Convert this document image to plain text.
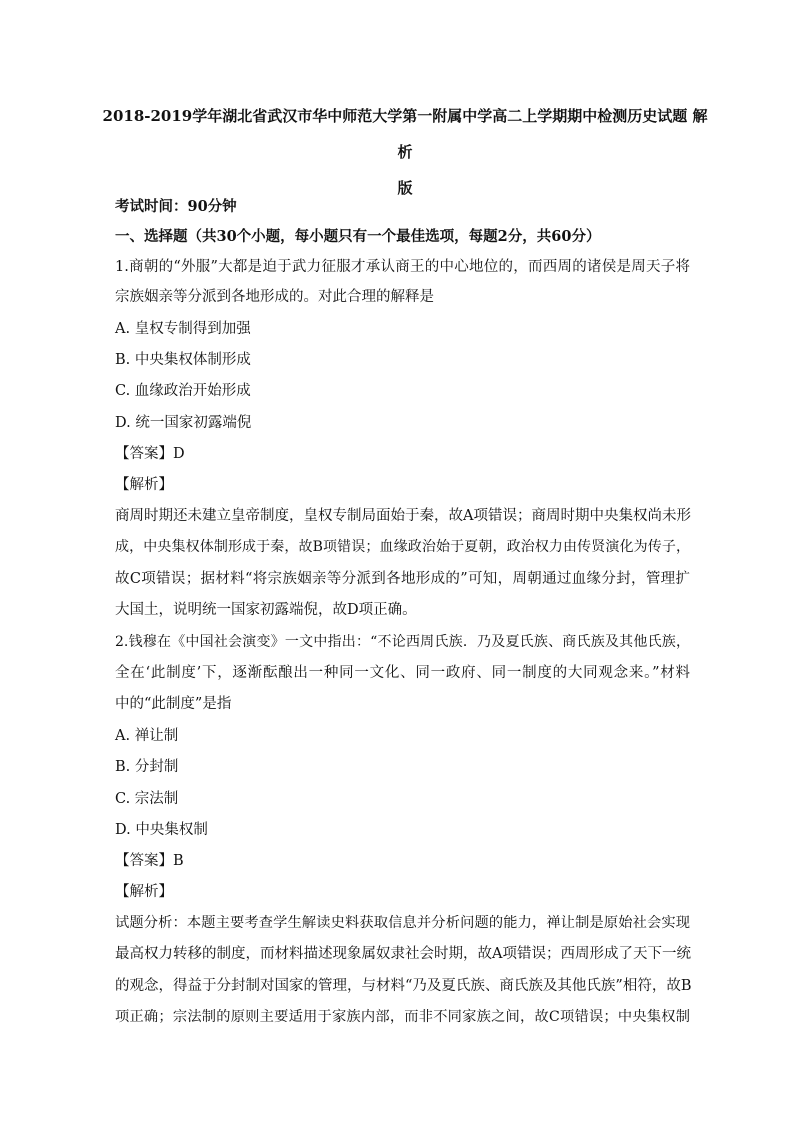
2018-2019学年湖北省武汉市华中师范大学第一附属中学高二上学期期中检测历史试题 解析
版
考试时间：90分钟
一、选择题（共30个小题，每小题只有一个最佳选项，每题2分，共60分）
1.商朝的“外服”大都是迫于武力征服才承认商王的中心地位的，而西周的诸侯是周天子将
宗族姻亲等分派到各地形成的。对此合理的解释是
A. 皇权专制得到加强
B. 中央集权体制形成
C. 血缘政治开始形成
D. 统一国家初露端倪
【答案】D
【解析】
商周时期还未建立皇帝制度，皇权专制局面始于秦，故A项错误；商周时期中央集权尚未形
成，中央集权体制形成于秦，故B项错误；血缘政治始于夏朝，政治权力由传贤演化为传子，
故C项错误；据材料“将宗族姻亲等分派到各地形成的”可知，周朝通过血缘分封，管理扩
大国土，说明统一国家初露端倪，故D项正确。
2.钱穆在《中国社会演变》一文中指出：“不论西周氏族．乃及夏氏族、商氏族及其他氏族，
全在‘此制度’下，逐渐酝酿出一种同一文化、同一政府、同一制度的大同观念来。”材料
中的“此制度”是指
A. 禅让制
B. 分封制
C. 宗法制
D. 中央集权制
【答案】B
【解析】
试题分析：本题主要考查学生解读史料获取信息并分析问题的能力，禅让制是原始社会实现
最高权力转移的制度，而材料描述现象属奴隶社会时期，故A项错误；西周形成了天下一统
的观念，得益于分封制对国家的管理，与材料“乃及夏氏族、商氏族及其他氏族”相符，故B
项正确；宗法制的原则主要适用于家族内部，而非不同家族之间，故C项错误；中央集权制
